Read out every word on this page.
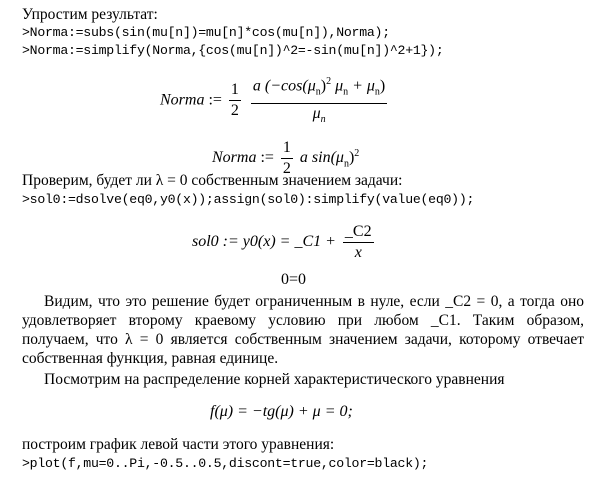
Упростим результат:
>Norma:=subs(sin(mu[n])=mu[n]*cos(mu[n]),Norma);
>Norma:=simplify(Norma,{cos(mu[n])^2=-sin(mu[n])^2+1});
Norma := $\frac{1}{2}$
$\frac{a (-\cos(\mu_n)^2 \mu_n + \mu_n)}{\mu_n}$
Norma := $\frac{1}{2}$ a $\sin(\mu_n)^2$
Проверим, будет ли λ = 0 собственным значением задачи:
>sol0:=dsolve(eq0,y0(x));assign(sol0):simplify(value(eq0));
sol0 := y0(x) = _C1 + $\frac{\_C2}{x}$
0=0
Видим, что это решение будет ограниченным в нуле, если _C2 = 0, а тогда оно удовлетворяет второму краевому условию при любом _C1. Таким образом, получаем, что λ = 0 является собственным значением задачи, которому отвечает собственная функция, равная единице.
Посмотрим на распределение корней характеристического уравнения
f(μ) = −tg(μ) + μ = 0;
построим график левой части этого уравнения:
>plot(f,mu=0..Pi,-0.5..0.5,discont=true,color=black);
